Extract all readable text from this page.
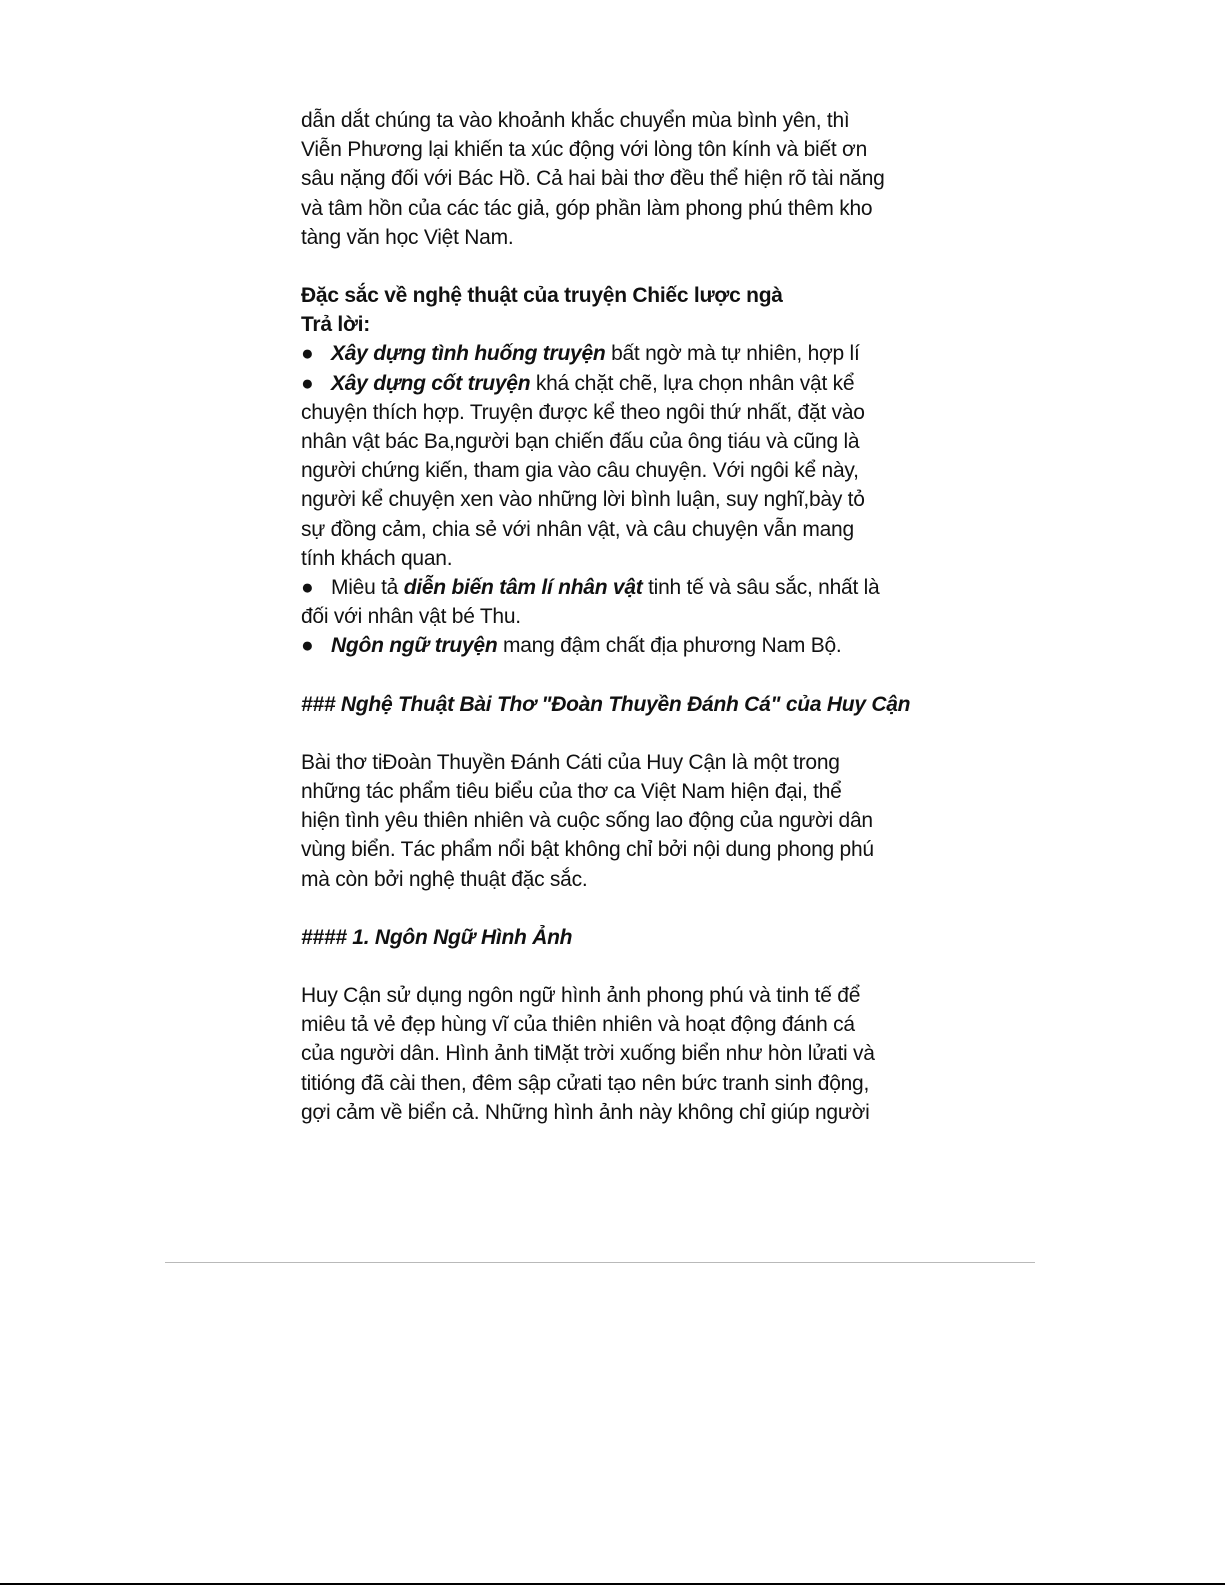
dẫn dắt chúng ta vào khoảnh khắc chuyển mùa bình yên, thì

Viễn Phương lại khiến ta xúc động với lòng tôn kính và biết ơn

sâu nặng đối với Bác Hồ. Cả hai bài thơ đều thể hiện rõ tài năng

và tâm hồn của các tác giả, góp phần làm phong phú thêm kho

tàng văn học Việt Nam.

Đặc sắc về nghệ thuật của truyện Chiếc lược ngà

Trả lời:

● Xây dựng tình huống truyện bất ngờ mà tự nhiên, hợp lí

● Xây dựng cốt truyện khá chặt chẽ, lựa chọn nhân vật kể

chuyện thích hợp. Truyện được kể theo ngôi thứ nhất, đặt vào

nhân vật bác Ba,người bạn chiến đấu của ông tiáu và cũng là

người chứng kiến, tham gia vào câu chuyện. Với ngôi kể này,

người kể chuyện xen vào những lời bình luận, suy nghĩ,bày tỏ

sự đồng cảm, chia sẻ với nhân vật, và câu chuyện vẫn mang

tính khách quan.

● Miêu tả diễn biến tâm lí nhân vật tinh tế và sâu sắc, nhất là

đối với nhân vật bé Thu.

● Ngôn ngữ truyện mang đậm chất địa phương Nam Bộ.

### Nghệ Thuật Bài Thơ "Đoàn Thuyền Đánh Cá" của Huy Cận

Bài thơ tiĐoàn Thuyền Đánh Cáti của Huy Cận là một trong

những tác phẩm tiêu biểu của thơ ca Việt Nam hiện đại, thể

hiện tình yêu thiên nhiên và cuộc sống lao động của người dân

vùng biển. Tác phẩm nổi bật không chỉ bởi nội dung phong phú

mà còn bởi nghệ thuật đặc sắc.

#### 1. Ngôn Ngữ Hình Ảnh

Huy Cận sử dụng ngôn ngữ hình ảnh phong phú và tinh tế để

miêu tả vẻ đẹp hùng vĩ của thiên nhiên và hoạt động đánh cá

của người dân. Hình ảnh tiMặt trời xuống biển như hòn lửati và

titióng đã cài then, đêm sập cửati tạo nên bức tranh sinh động,

gợi cảm về biển cả. Những hình ảnh này không chỉ giúp người
